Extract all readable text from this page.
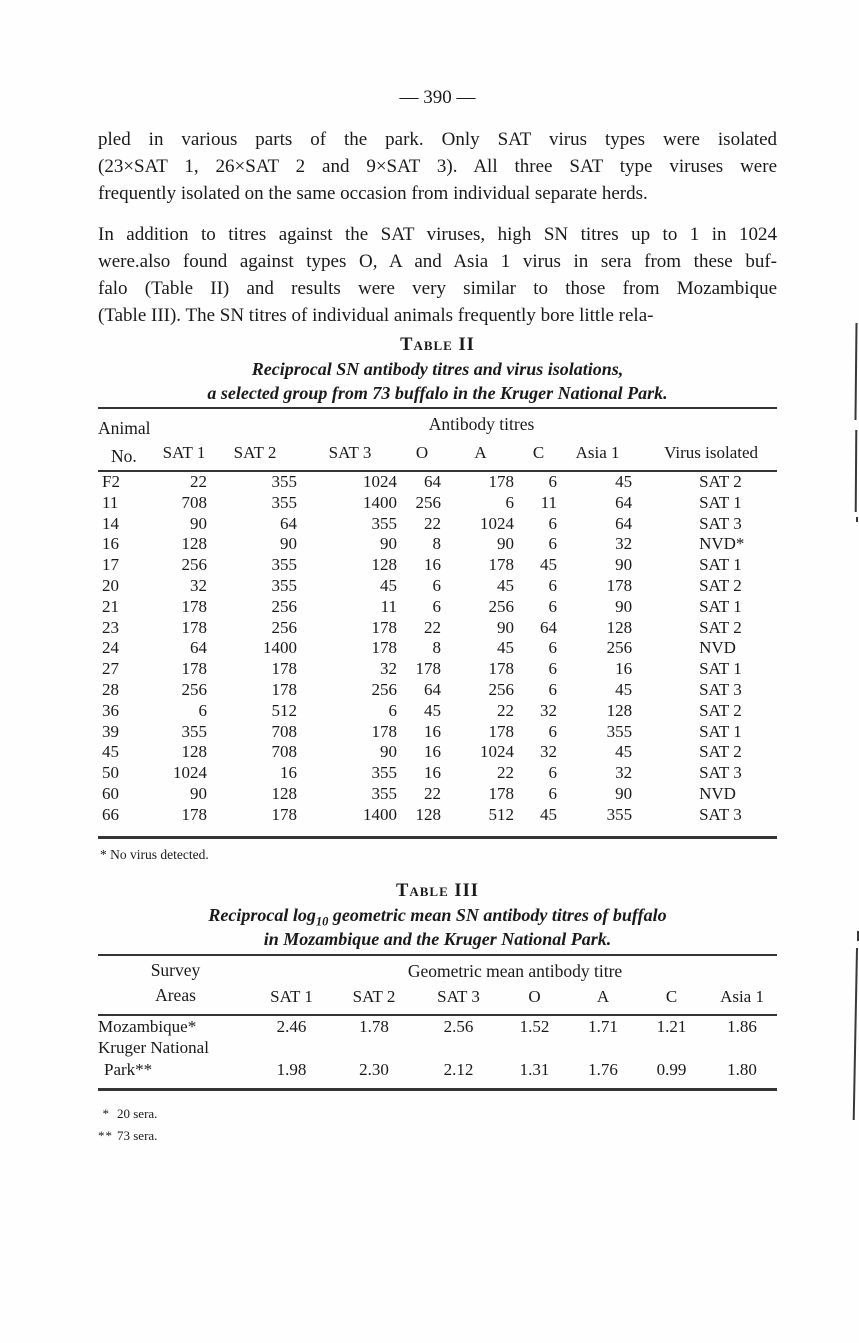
— 390 —
pled in various parts of the park. Only SAT virus types were isolated
(23×SAT 1, 26×SAT 2 and 9×SAT 3). All three SAT type viruses were
frequently isolated on the same occasion from individual separate herds.
In addition to titres against the SAT viruses, high SN titres up to 1 in 1024
were.also found against types O, A and Asia 1 virus in sera from these buf-
falo (Table II) and results were very similar to those from Mozambique
(Table III). The SN titres of individual animals frequently bore little rela-
Table II
Reciprocal SN antibody titres and virus isolations,
a selected group from 73 buffalo in the Kruger National Park.
Animal
No.	Antibody titres							Virus isolated
	SAT 1	SAT 2	SAT 3	O	A	C	Asia 1	
F2	22	355	1024	64	178	6	45	SAT 2
11	708	355	1400	256	6	11	64	SAT 1
14	90	64	355	22	1024	6	64	SAT 3
16	128	90	90	8	90	6	32	NVD*
17	256	355	128	16	178	45	90	SAT 1
20	32	355	45	6	45	6	178	SAT 2
21	178	256	11	6	256	6	90	SAT 1
23	178	256	178	22	90	64	128	SAT 2
24	64	1400	178	8	45	6	256	NVD
27	178	178	32	178	178	6	16	SAT 1
28	256	178	256	64	256	6	45	SAT 3
36	6	512	6	45	22	32	128	SAT 2
39	355	708	178	16	178	6	355	SAT 1
45	128	708	90	16	1024	32	45	SAT 2
50	1024	16	355	16	22	6	32	SAT 3
60	90	128	355	22	178	6	90	NVD
66	178	178	1400	128	512	45	355	SAT 3
* No virus detected.
Table III
Reciprocal $\log_{10}$ geometric mean SN antibody titres of buffalo
in Mozambique and the Kruger National Park.
Survey
Areas	Geometric mean antibody titre						
	SAT 1	SAT 2	SAT 3	O	A	C	Asia 1

Mozambique*	2.46	1.78	2.56	1.52	1.71	1.21	1.86

Kruger National
Park**	1.98	2.30	2.12	1.31	1.76	0.99	1.80
* 20 sera.
** 73 sera.
